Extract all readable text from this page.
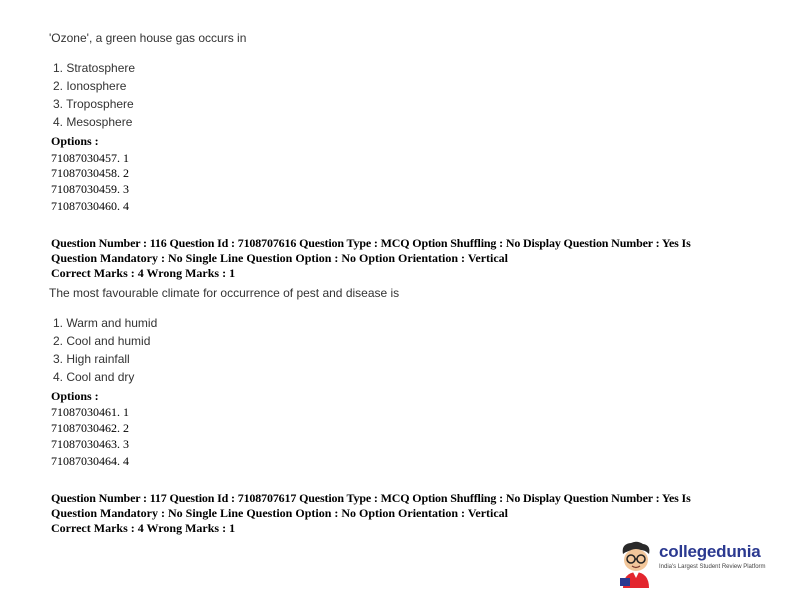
'Ozone', a green house gas occurs in
1. Stratosphere
2. Ionosphere
3. Troposphere
4. Mesosphere
Options :
71087030457. 1
71087030458. 2
71087030459. 3
71087030460. 4
Question Number : 116 Question Id : 7108707616 Question Type : MCQ Option Shuffling : No Display Question Number : Yes Is
Question Mandatory : No Single Line Question Option : No Option Orientation : Vertical
Correct Marks : 4 Wrong Marks : 1
The most favourable climate for occurrence of pest and disease is
1. Warm and humid
2. Cool and humid
3. High rainfall
4. Cool and dry
Options :
71087030461. 1
71087030462. 2
71087030463. 3
71087030464. 4
Question Number : 117 Question Id : 7108707617 Question Type : MCQ Option Shuffling : No Display Question Number : Yes Is
Question Mandatory : No Single Line Question Option : No Option Orientation : Vertical
Correct Marks : 4 Wrong Marks : 1
collegedunia
India's Largest Student Review Platform
